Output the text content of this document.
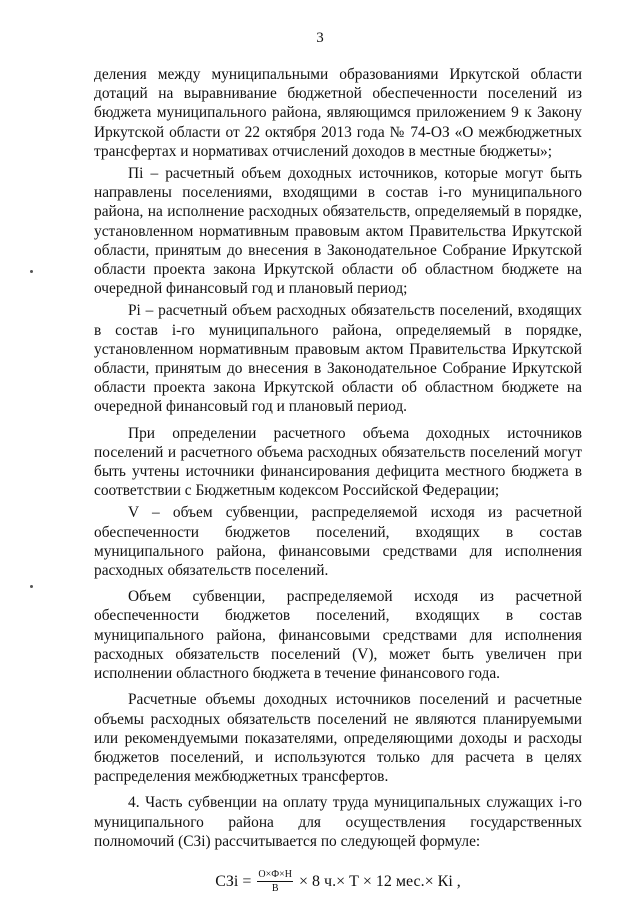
3

деления между муниципальными образованиями Иркутской области дотаций на выравнивание бюджетной обеспеченности поселений из бюджета муниципального района, являющимся приложением 9 к Закону Иркутской области от 22 октября 2013 года № 74-ОЗ «О межбюджетных трансфертах и нормативах отчислений доходов в местные бюджеты»;

Пi – расчетный объем доходных источников, которые могут быть направлены поселениями, входящими в состав i-го муниципального района, на исполнение расходных обязательств, определяемый в порядке, установленном нормативным правовым актом Правительства Иркутской области, принятым до внесения в Законодательное Собрание Иркутской области проекта закона Иркутской области об областном бюджете на очередной финансовый год и плановый период;

Рi – расчетный объем расходных обязательств поселений, входящих в состав i-го муниципального района, определяемый в порядке, установленном нормативным правовым актом Правительства Иркутской области, принятым до внесения в Законодательное Собрание Иркутской области проекта закона Иркутской области об областном бюджете на очередной финансовый год и плановый период.

При определении расчетного объема доходных источников поселений и расчетного объема расходных обязательств поселений могут быть учтены источники финансирования дефицита местного бюджета в соответствии с Бюджетным кодексом Российской Федерации;

V – объем субвенции, распределяемой исходя из расчетной обеспеченности бюджетов поселений, входящих в состав муниципального района, финансовыми средствами для исполнения расходных обязательств поселений.

Объем субвенции, распределяемой исходя из расчетной обеспеченности бюджетов поселений, входящих в состав муниципального района, финансовыми средствами для исполнения расходных обязательств поселений (V), может быть увеличен при исполнении областного бюджета в течение финансового года.

Расчетные объемы доходных источников поселений и расчетные объемы расходных обязательств поселений не являются планируемыми или рекомендуемыми показателями, определяющими доходы и расходы бюджетов поселений, и используются только для расчета в целях распределения межбюджетных трансфертов.

4. Часть субвенции на оплату труда муниципальных служащих i-го муниципального района для осуществления государственных полномочий (СЗi) рассчитывается по следующей формуле:

СЗi = $\frac{О\times Ф\times Н}{В} \times 8$ ч.× Т × 12 мес.× Кi ,
